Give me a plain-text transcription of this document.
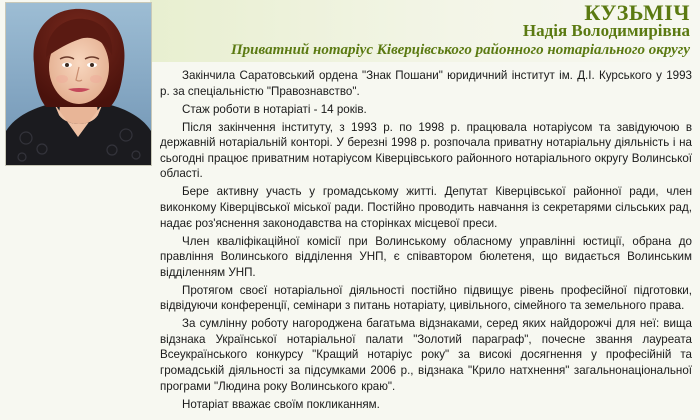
КУЗЬМІЧ
Надія Володимирівна
Приватний нотаріус Ківерцівського районного нотаріального округу

Закінчила Саратовський ордена "Знак Пошани" юридичний інститут ім. Д.І. Курського у 1993 р. за спеціальністю "Правознавство".

Стаж роботи в нотаріаті - 14 років.

Після закінчення інституту, з 1993 р. по 1998 р. працювала нотаріусом та завідуючою в державній нотаріальній конторі. У березні 1998 р. розпочала приватну нотаріальну діяльність і на сьогодні працює приватним нотаріусом Ківерцівського районного нотаріального округу Волинської області.

Бере активну участь у громадському житті. Депутат Ківерцівської районної ради, член виконкому Ківерцівської міської ради. Постійно проводить навчання із секретарями сільських рад, надає роз'яснення законодавства на сторінках місцевої преси.

Член кваліфікаційної комісії при Волинському обласному управлінні юстиції, обрана до правління Волинського відділення УНП, є співавтором бюлетеня, що видається Волинським відділенням УНП.

Протягом своєї нотаріальної діяльності постійно підвищує рівень професійної підготовки, відвідуючи конференції, семінари з питань нотаріату, цивільного, сімейного та земельного права.

За сумлінну роботу нагороджена багатьма відзнаками, серед яких найдорожчі для неї: вища відзнака Української нотаріальної палати "Золотий параграф", почесне звання лауреата Всеукраїнського конкурсу "Кращий нотаріус року" за високі досягнення у професійній та громадській діяльності за підсумками 2006 р., відзнака "Крило натхнення" загальнонаціональної програми "Людина року Волинського краю".

Нотаріат вважає своїм покликанням.
